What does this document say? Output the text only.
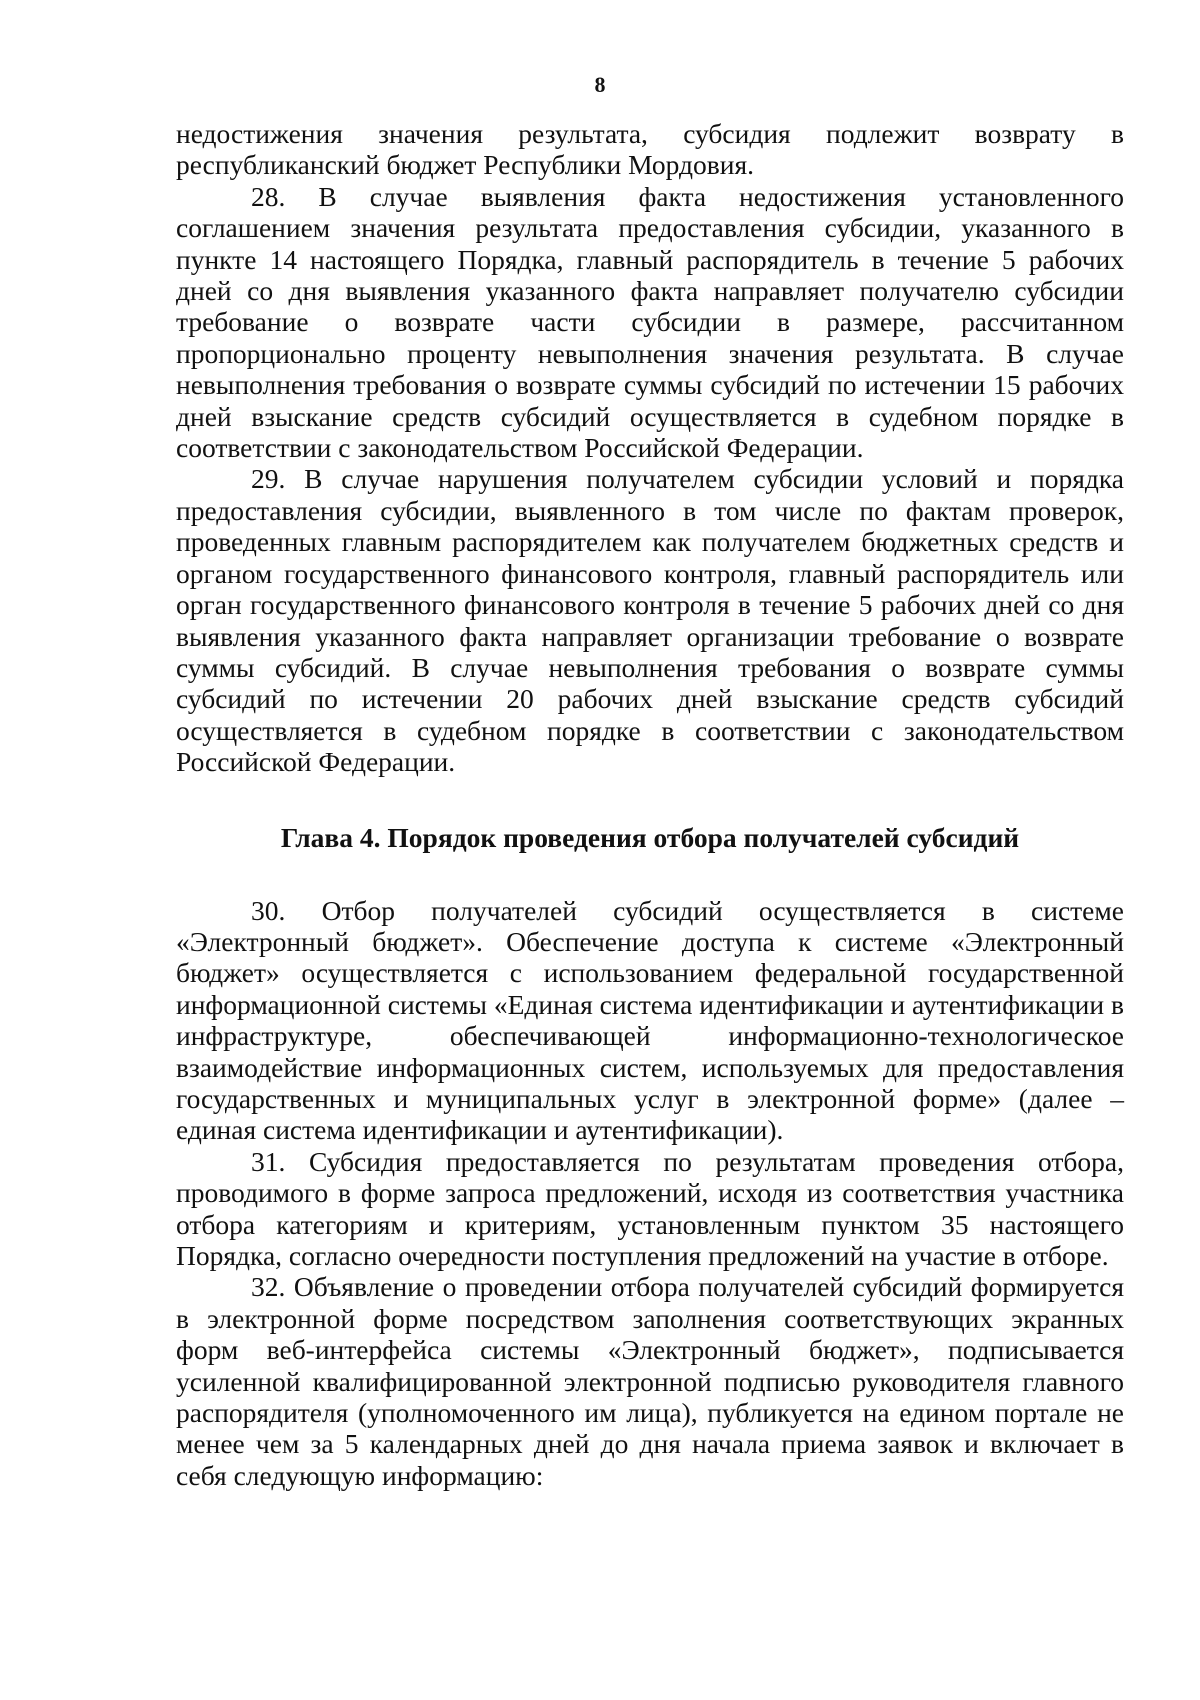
8

недостижения значения результата, субсидия подлежит возврату в республиканский бюджет Республики Мордовия.

28. В случае выявления факта недостижения установленного соглашением значения результата предоставления субсидии, указанного в пункте 14 настоящего Порядка, главный распорядитель в течение 5 рабочих дней со дня выявления указанного факта направляет получателю субсидии требование о возврате части субсидии в размере, рассчитанном пропорционально проценту невыполнения значения результата. В случае невыполнения требования о возврате суммы субсидий по истечении 15 рабочих дней взыскание средств субсидий осуществляется в судебном порядке в соответствии с законодательством Российской Федерации.

29. В случае нарушения получателем субсидии условий и порядка предоставления субсидии, выявленного в том числе по фактам проверок, проведенных главным распорядителем как получателем бюджетных средств и органом государственного финансового контроля, главный распорядитель или орган государственного финансового контроля в течение 5 рабочих дней со дня выявления указанного факта направляет организации требование о возврате суммы субсидий. В случае невыполнения требования о возврате суммы субсидий по истечении 20 рабочих дней взыскание средств субсидий осуществляется в судебном порядке в соответствии с законодательством Российской Федерации.

Глава 4. Порядок проведения отбора получателей субсидий

30. Отбор получателей субсидий осуществляется в системе «Электронный бюджет». Обеспечение доступа к системе «Электронный бюджет» осуществляется с использованием федеральной государственной информационной системы «Единая система идентификации и аутентификации в инфраструктуре, обеспечивающей информационно-технологическое взаимодействие информационных систем, используемых для предоставления государственных и муниципальных услуг в электронной форме» (далее – единая система идентификации и аутентификации).

31. Субсидия предоставляется по результатам проведения отбора, проводимого в форме запроса предложений, исходя из соответствия участника отбора категориям и критериям, установленным пунктом 35 настоящего Порядка, согласно очередности поступления предложений на участие в отборе.

32. Объявление о проведении отбора получателей субсидий формируется в электронной форме посредством заполнения соответствующих экранных форм веб-интерфейса системы «Электронный бюджет», подписывается усиленной квалифицированной электронной подписью руководителя главного распорядителя (уполномоченного им лица), публикуется на едином портале не менее чем за 5 календарных дней до дня начала приема заявок и включает в себя следующую информацию:
